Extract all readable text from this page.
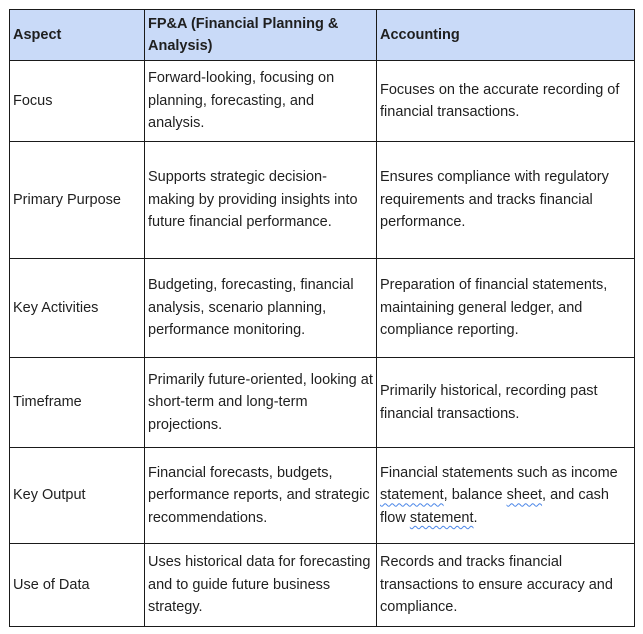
Aspect	FP&A (Financial Planning & Analysis)	Accounting
Focus	Forward-looking, focusing on planning, forecasting, and analysis.	Focuses on the accurate recording of financial transactions.
Primary Purpose	Supports strategic decision-making by providing insights into future financial performance.	Ensures compliance with regulatory requirements and tracks financial performance.
Key Activities	Budgeting, forecasting, financial analysis, scenario planning, performance monitoring.	Preparation of financial statements, maintaining general ledger, and compliance reporting.
Timeframe	Primarily future-oriented, looking at short-term and long-term projections.	Primarily historical, recording past financial transactions.
Key Output	Financial forecasts, budgets, performance reports, and strategic recommendations.	Financial statements such as income statement, balance sheet, and cash flow statement.
Use of Data	Uses historical data for forecasting and to guide future business strategy.	Records and tracks financial transactions to ensure accuracy and compliance.
